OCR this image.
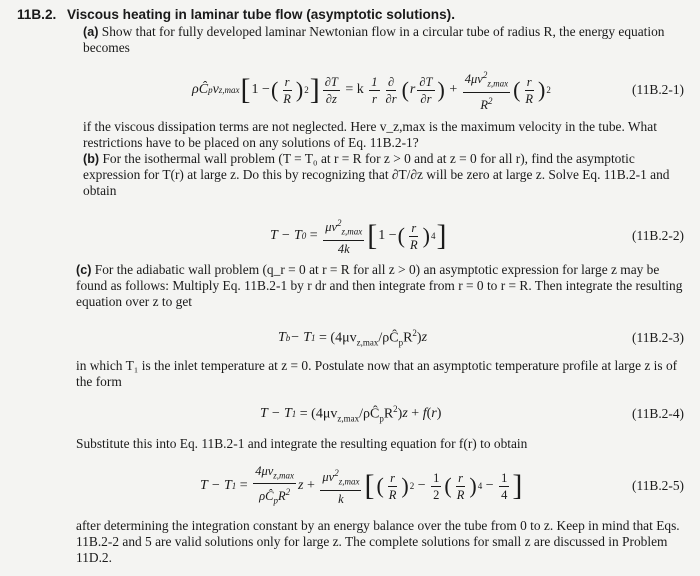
11B.2. Viscous heating in laminar tube flow (asymptotic solutions).
(a) Show that for fully developed laminar Newtonian flow in a circular tube of radius R, the energy equation becomes
ρĈ p v z,max [ 1 − ( $\frac{r}{R}$ ) 2 ] $\frac{\partial T}{\partial z} = k \frac{1}{r} \frac{\partial}{\partial r}$ ( r $\frac{\partial T}{\partial r}$ ) + $\frac{4\mu v^2_{z,max}}{R^2}$ ( $\frac{r}{R}$ ) 2	(11B.2-1)
if the viscous dissipation terms are not neglected. Here v_z,max is the maximum velocity in the tube. What restrictions have to be placed on any solutions of Eq. 11B.2-1?
(b) For the isothermal wall problem (T = T₀ at r = R for z > 0 and at z = 0 for all r), find the asymptotic expression for T(r) at large z. Do this by recognizing that ∂T/∂z will be zero at large z. Solve Eq. 11B.2-1 and obtain
T − T $0 = \frac{\mu v^2_{z,max}}{4k}$ [ 1 − ( $\frac{r}{R}$ ) 4 ]	(11B.2-2)
(c) For the adiabatic wall problem (q_r = 0 at r = R for all z > 0) an asymptotic expression for large z may be found as follows: Multiply Eq. 11B.2-1 by r dr and then integrate from r = 0 to r = R. Then integrate the resulting equation over z to get
T b − T $1 = (4\mu v_{z,max}/\rho Ĉ_pR^2)$ z	(11B.2-3)
in which T₁ is the inlet temperature at z = 0. Postulate now that an asymptotic temperature profile at large z is of the form
T − T $1 = (4\mu v_{z,max}/\rho Ĉ_pR^2) z + f$ ( r )	(11B.2-4)
Substitute this into Eq. 11B.2-1 and integrate the resulting equation for f(r) to obtain
T − T $1 = \frac{4\mu v_{z,max}}{\rho Ĉ_pR^2}$ $z + \frac{\mu v^2_{z,max}}{k}$ [ ( $\frac{r}{R}$ ) $2 - \frac{1}{2}$ ( $\frac{r}{R}$ ) $4 - \frac{1}{4}$ ]	(11B.2-5)
after determining the integration constant by an energy balance over the tube from 0 to z. Keep in mind that Eqs. 11B.2-2 and 5 are valid solutions only for large z. The complete solutions for small z are discussed in Problem 11D.2.
